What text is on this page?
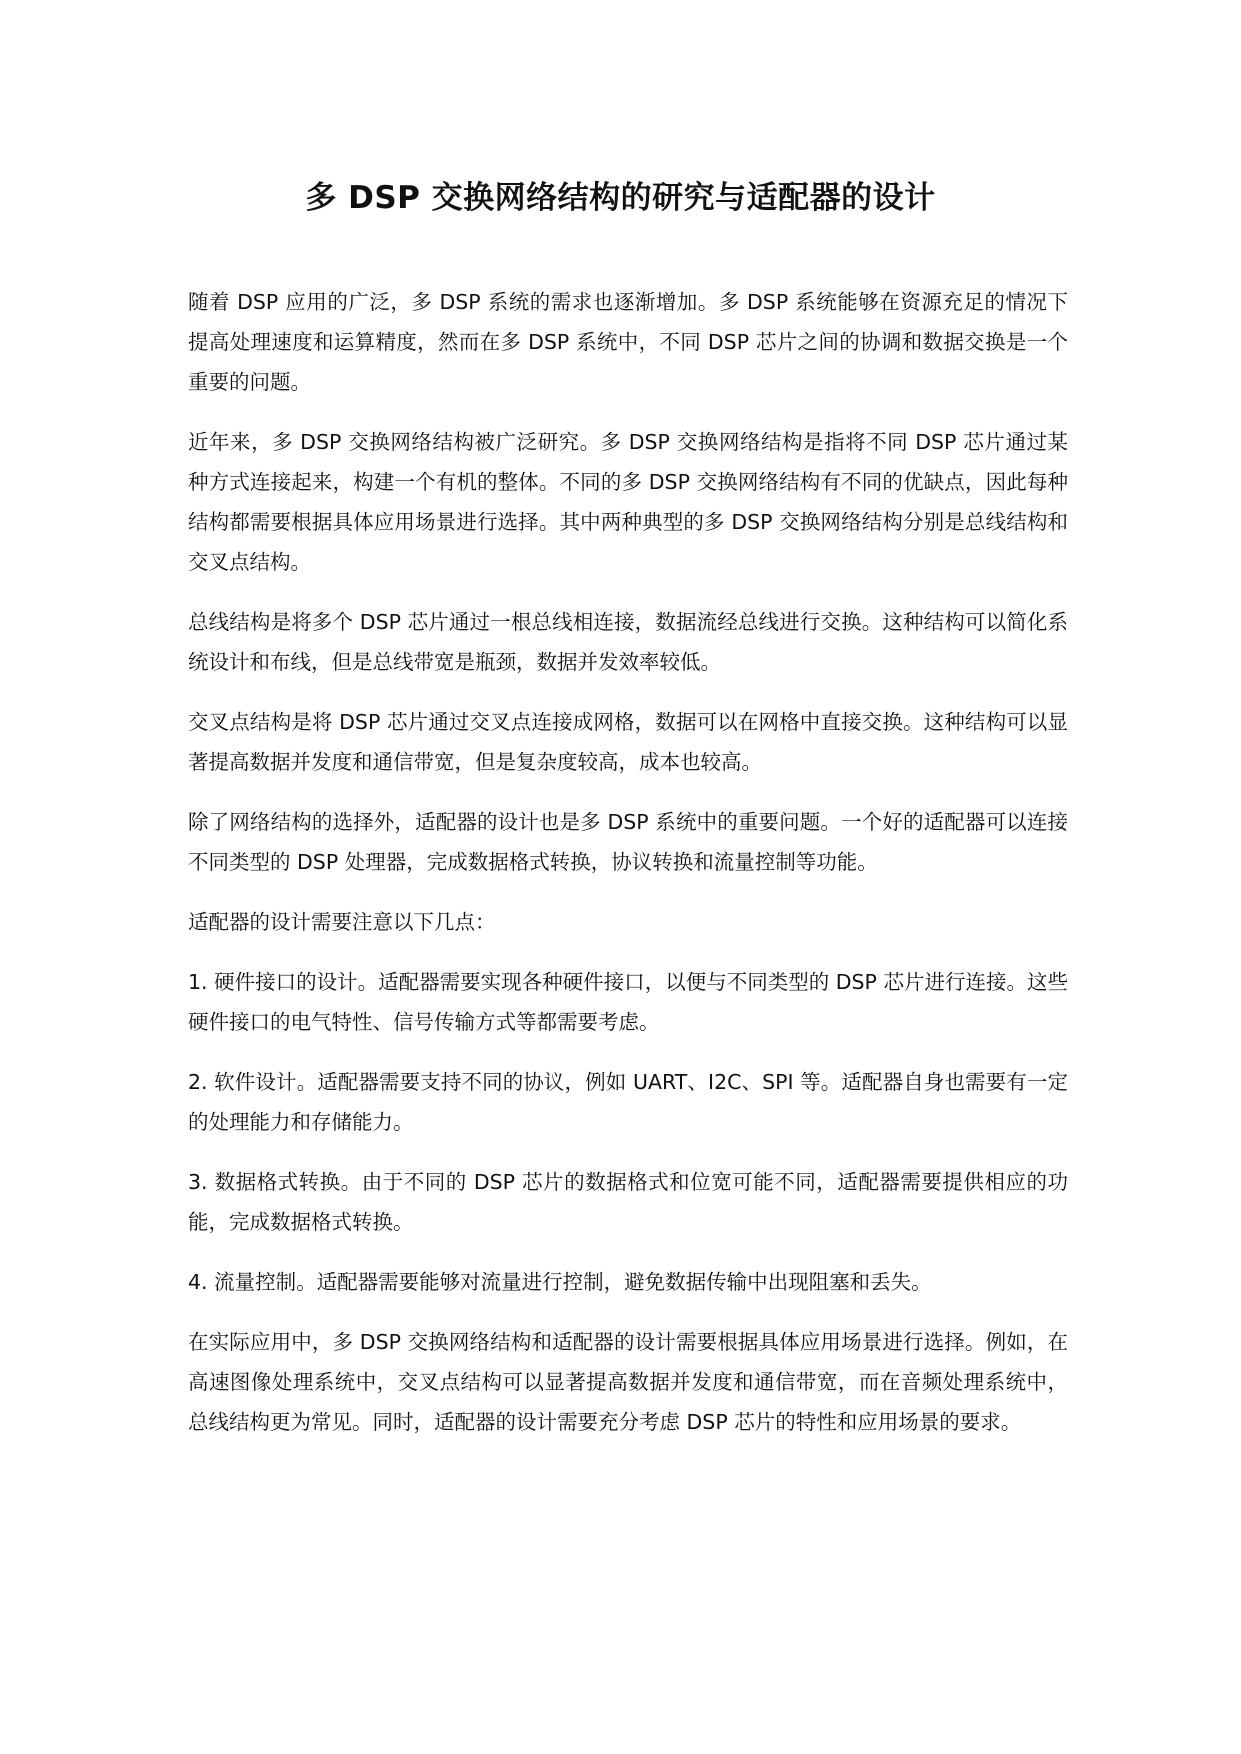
多 DSP 交换网络结构的研究与适配器的设计

随着 DSP 应用的广泛，多 DSP 系统的需求也逐渐增加。多 DSP 系统能够在资源充足的情况下提高处理速度和运算精度，然而在多 DSP 系统中，不同 DSP 芯片之间的协调和数据交换是一个重要的问题。

近年来，多 DSP 交换网络结构被广泛研究。多 DSP 交换网络结构是指将不同 DSP 芯片通过某种方式连接起来，构建一个有机的整体。不同的多 DSP 交换网络结构有不同的优缺点，因此每种结构都需要根据具体应用场景进行选择。其中两种典型的多 DSP 交换网络结构分别是总线结构和交叉点结构。

总线结构是将多个 DSP 芯片通过一根总线相连接，数据流经总线进行交换。这种结构可以简化系统设计和布线，但是总线带宽是瓶颈，数据并发效率较低。

交叉点结构是将 DSP 芯片通过交叉点连接成网格，数据可以在网格中直接交换。这种结构可以显著提高数据并发度和通信带宽，但是复杂度较高，成本也较高。

除了网络结构的选择外，适配器的设计也是多 DSP 系统中的重要问题。一个好的适配器可以连接不同类型的 DSP 处理器，完成数据格式转换，协议转换和流量控制等功能。

适配器的设计需要注意以下几点：

1. 硬件接口的设计。适配器需要实现各种硬件接口，以便与不同类型的 DSP 芯片进行连接。这些硬件接口的电气特性、信号传输方式等都需要考虑。

2. 软件设计。适配器需要支持不同的协议，例如 UART、I2C、SPI 等。适配器自身也需要有一定的处理能力和存储能力。

3. 数据格式转换。由于不同的 DSP 芯片的数据格式和位宽可能不同，适配器需要提供相应的功能，完成数据格式转换。

4. 流量控制。适配器需要能够对流量进行控制，避免数据传输中出现阻塞和丢失。

在实际应用中，多 DSP 交换网络结构和适配器的设计需要根据具体应用场景进行选择。例如，在高速图像处理系统中，交叉点结构可以显著提高数据并发度和通信带宽，而在音频处理系统中，总线结构更为常见。同时，适配器的设计需要充分考虑 DSP 芯片的特性和应用场景的要求。
